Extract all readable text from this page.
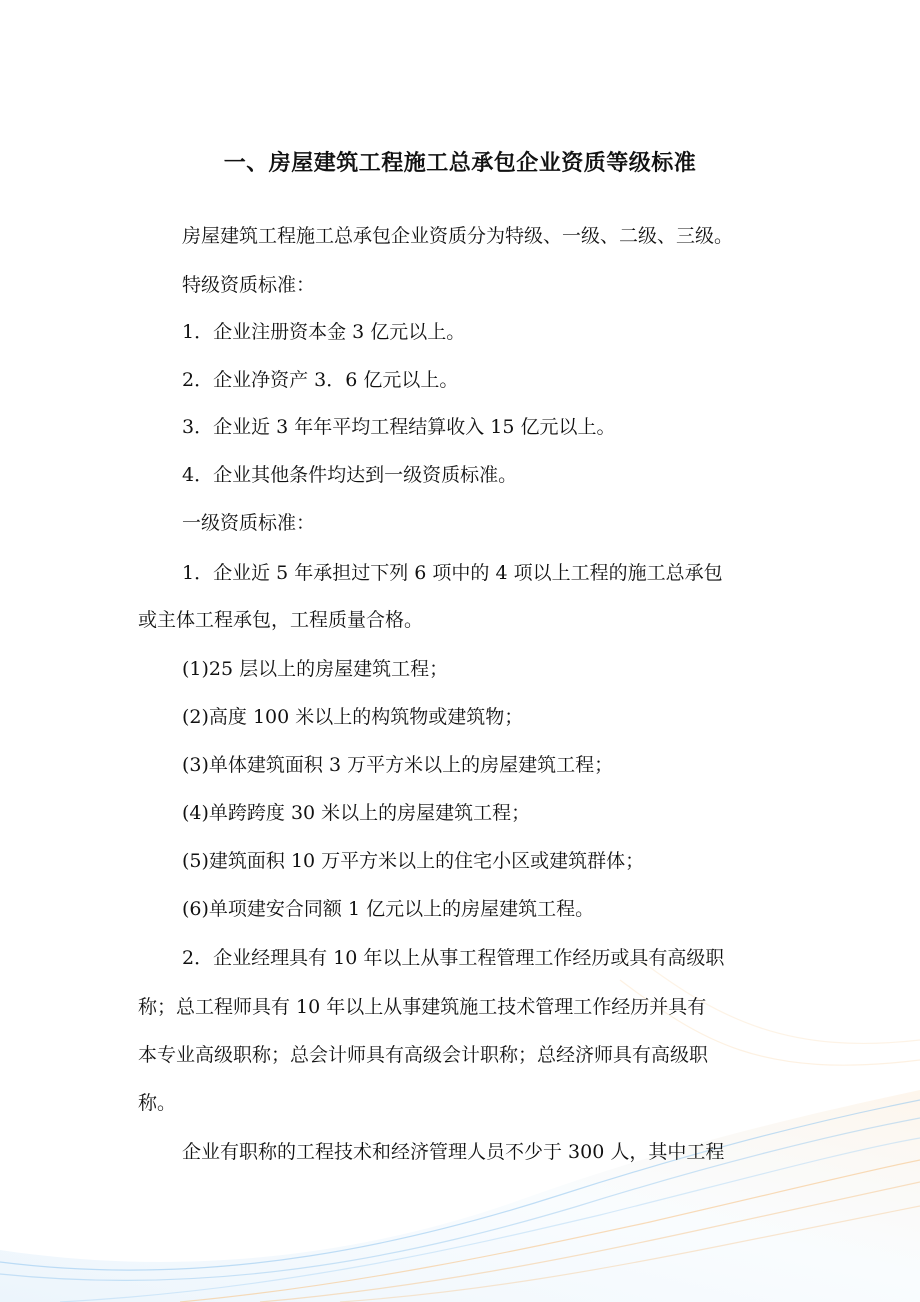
一、房屋建筑工程施工总承包企业资质等级标准
房屋建筑工程施工总承包企业资质分为特级、一级、二级、三级。
特级资质标准：
1．企业注册资本金 3 亿元以上。
2．企业净资产 3．6 亿元以上。
3．企业近 3 年年平均工程结算收入 15 亿元以上。
4．企业其他条件均达到一级资质标准。
一级资质标准：
1．企业近 5 年承担过下列 6 项中的 4 项以上工程的施工总承包
或主体工程承包，工程质量合格。
(1)25 层以上的房屋建筑工程；
(2)高度 100 米以上的构筑物或建筑物；
(3)单体建筑面积 3 万平方米以上的房屋建筑工程；
(4)单跨跨度 30 米以上的房屋建筑工程；
(5)建筑面积 10 万平方米以上的住宅小区或建筑群体；
(6)单项建安合同额 1 亿元以上的房屋建筑工程。
2．企业经理具有 10 年以上从事工程管理工作经历或具有高级职
称；总工程师具有 10 年以上从事建筑施工技术管理工作经历并具有
本专业高级职称；总会计师具有高级会计职称；总经济师具有高级职
称。
企业有职称的工程技术和经济管理人员不少于 300 人，其中工程
